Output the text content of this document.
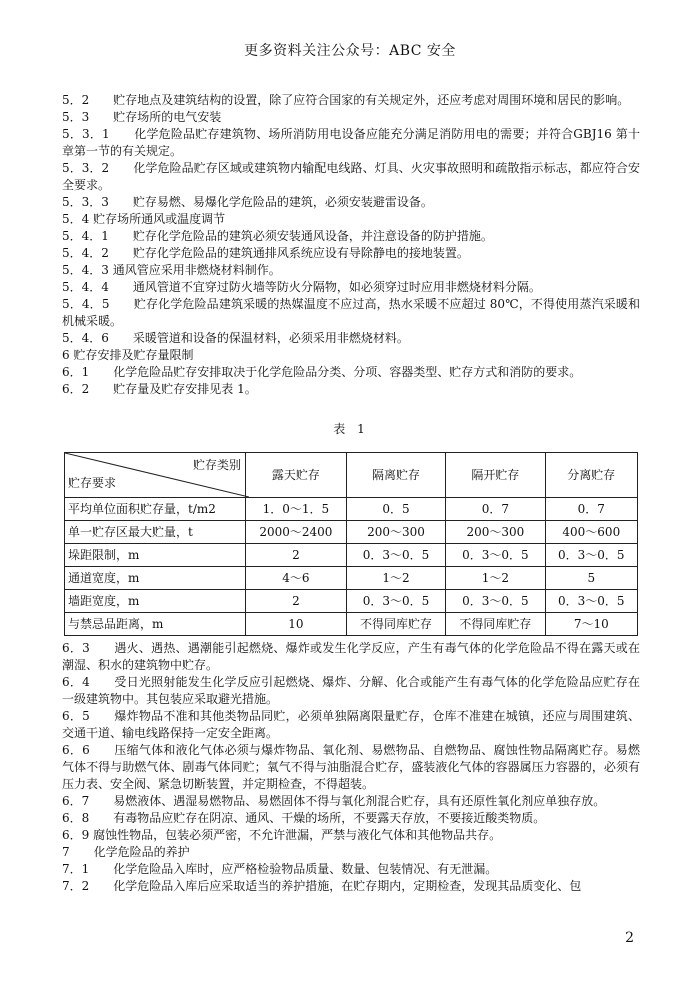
更多资料关注公众号：ABC 安全

5．2　　贮存地点及建筑结构的设置，除了应符合国家的有关规定外，还应考虑对周围环境和居民的影响。

5．3　　贮存场所的电气安装

5．3．1　　化学危险品贮存建筑物、场所消防用电设备应能充分满足消防用电的需要；并符合GBJ16 第十章第一节的有关规定。

5．3．2　　化学危险品贮存区域或建筑物内输配电线路、灯具、火灾事故照明和疏散指示标志，都应符合安全要求。

5．3．3　　贮存易燃、易爆化学危险品的建筑，必须安装避雷设备。

5．4 贮存场所通风或温度调节

5．4．1　　贮存化学危险品的建筑必须安装通风设备，并注意设备的防护措施。

5．4．2　　贮存化学危险品的建筑通排风系统应设有导除静电的接地装置。

5．4．3 通风管应采用非燃烧材料制作。

5．4．4　　通风管道不宜穿过防火墙等防火分隔物，如必须穿过时应用非燃烧材料分隔。

5．4．5　　贮存化学危险品建筑采暖的热媒温度不应过高，热水采暖不应超过 80℃，不得使用蒸汽采暖和机械采暖。

5．4．6　　采暖管道和设备的保温材料，必须采用非燃烧材料。

6 贮存安排及贮存量限制

6．1　　化学危险品贮存安排取决于化学危险品分类、分项、容器类型、贮存方式和消防的要求。

6．2　　贮存量及贮存安排见表 1。

表 1
贮存类别
贮存要求	露天贮存	隔离贮存	隔开贮存	分离贮存
平均单位面积贮存量，t/m2	1．0～1．5	0．5	0．7	0．7
单一贮存区最大贮量，t	2000～2400	200～300	200～300	400～600
垛距限制，m	2	0．3～0．5	0．3～0．5	0．3～0．5
通道宽度，m	4～6	1～2	1～2	5
墙距宽度，m	2	0．3～0．5	0．3～0．5	0．3～0．5
与禁忌品距离，m	10	不得同库贮存	不得同库贮存	7～10

6．3　　遇火、遇热、遇潮能引起燃烧、爆炸或发生化学反应，产生有毒气体的化学危险品不得在露天或在潮湿、积水的建筑物中贮存。

6．4　　受日光照射能发生化学反应引起燃烧、爆炸、分解、化合或能产生有毒气体的化学危险品应贮存在一级建筑物中。其包装应采取避光措施。

6．5　　爆炸物品不准和其他类物品同贮，必须单独隔离限量贮存，仓库不准建在城镇，还应与周围建筑、交通干道、输电线路保持一定安全距离。

6．6　　压缩气体和液化气体必须与爆炸物品、氧化剂、易燃物品、自燃物品、腐蚀性物品隔离贮存。易燃气体不得与助燃气体、剧毒气体同贮；氧气不得与油脂混合贮存，盛装液化气体的容器属压力容器的，必须有压力表、安全阀、紧急切断装置，并定期检查，不得超装。

6．7　　易燃液体、遇湿易燃物品、易燃固体不得与氧化剂混合贮存，具有还原性氧化剂应单独存放。

6．8　　有毒物品应贮存在阴凉、通风、干燥的场所，不要露天存放，不要接近酸类物质。

6．9 腐蚀性物品，包装必须严密，不允许泄漏，严禁与液化气体和其他物品共存。

7　　化学危险品的养护

7．1　　化学危险品入库时，应严格检验物品质量、数量、包装情况、有无泄漏。

7．2　　化学危险品入库后应采取适当的养护措施，在贮存期内，定期检查，发现其品质变化、包

2
